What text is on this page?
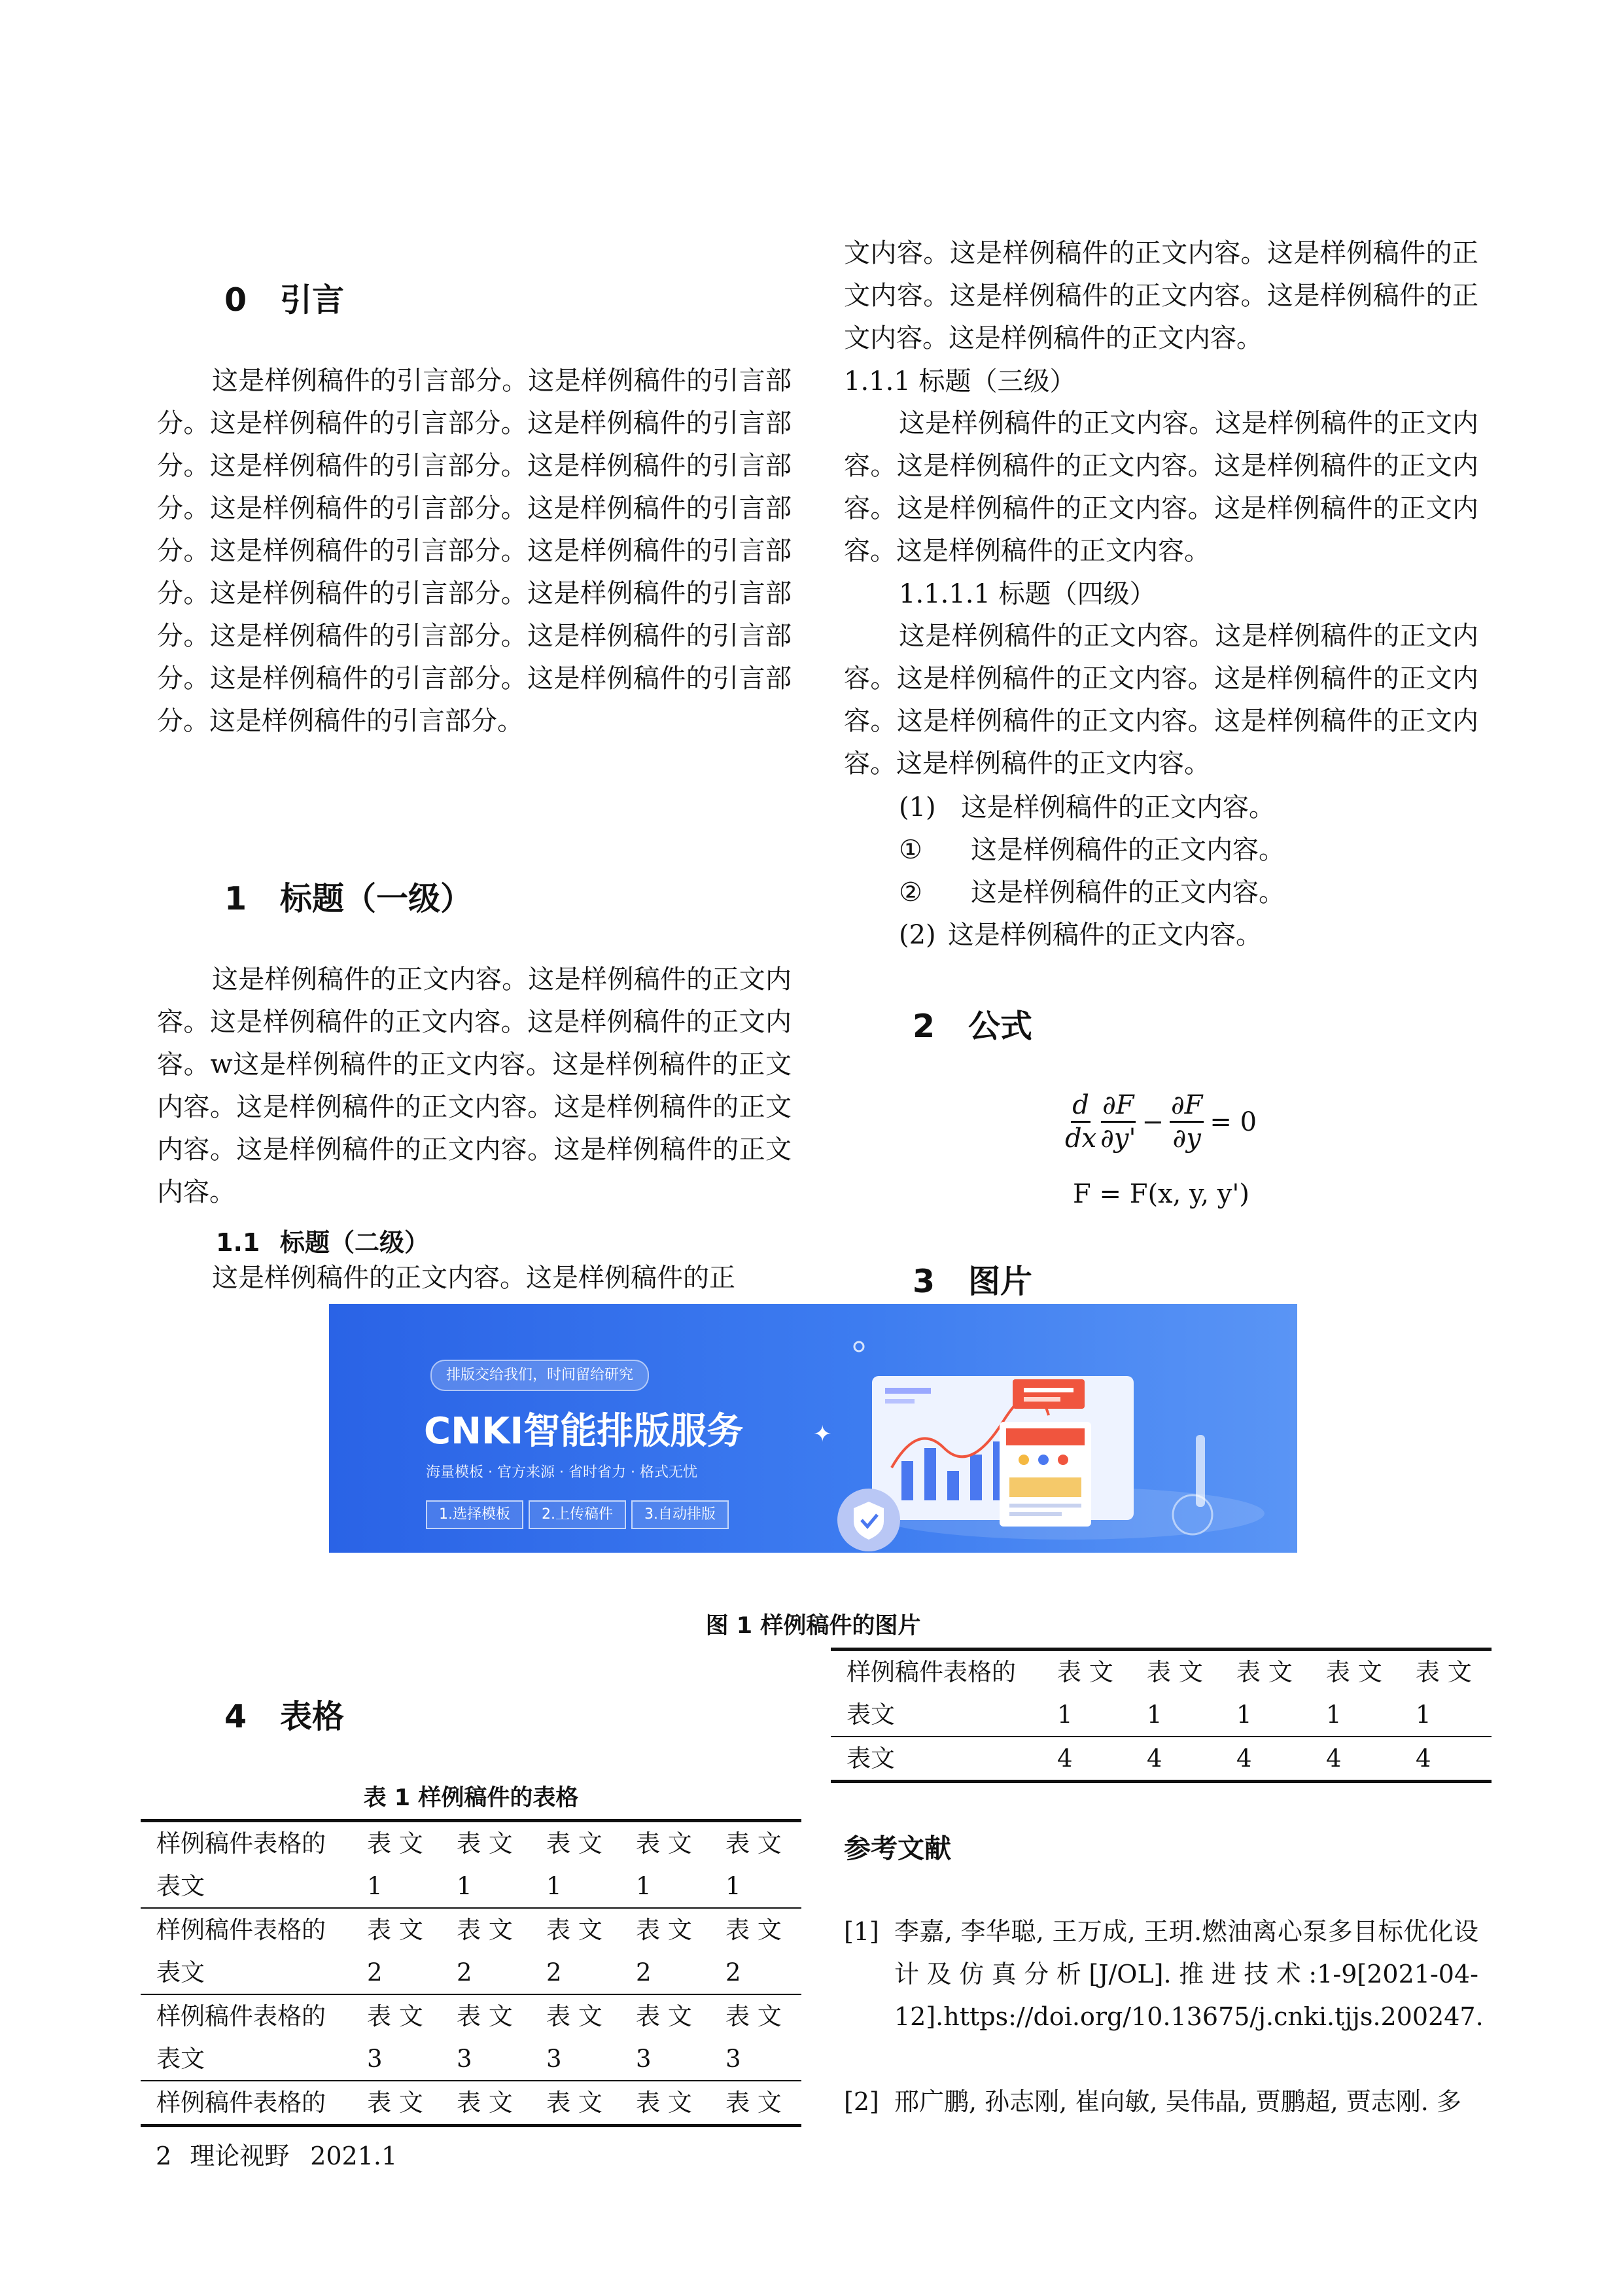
0 引言
这是样例稿件的引言部分。这是样例稿件的引言部分。这是样例稿件的引言部分。这是样例稿件的引言部分。这是样例稿件的引言部分。这是样例稿件的引言部分。这是样例稿件的引言部分。这是样例稿件的引言部分。这是样例稿件的引言部分。这是样例稿件的引言部分。这是样例稿件的引言部分。这是样例稿件的引言部分。这是样例稿件的引言部分。这是样例稿件的引言部分。这是样例稿件的引言部分。这是样例稿件的引言部分。这是样例稿件的引言部分。
1 标题（一级）
这是样例稿件的正文内容。这是样例稿件的正文内容。这是样例稿件的正文内容。这是样例稿件的正文内容。w这是样例稿件的正文内容。这是样例稿件的正文内容。这是样例稿件的正文内容。这是样例稿件的正文内容。这是样例稿件的正文内容。这是样例稿件的正文内容。
1.1 标题（二级）
这是样例稿件的正文内容。这是样例稿件的正
文内容。这是样例稿件的正文内容。这是样例稿件的正文内容。这是样例稿件的正文内容。这是样例稿件的正文内容。这是样例稿件的正文内容。
1.1.1 标题（三级）
这是样例稿件的正文内容。这是样例稿件的正文内容。这是样例稿件的正文内容。这是样例稿件的正文内容。这是样例稿件的正文内容。这是样例稿件的正文内容。这是样例稿件的正文内容。
1.1.1.1 标题（四级）
这是样例稿件的正文内容。这是样例稿件的正文内容。这是样例稿件的正文内容。这是样例稿件的正文内容。这是样例稿件的正文内容。这是样例稿件的正文内容。这是样例稿件的正文内容。
(1) 这是样例稿件的正文内容。
① 这是样例稿件的正文内容。
② 这是样例稿件的正文内容。
(2) 这是样例稿件的正文内容。
2 公式
$\frac{d}{dx} \frac{\partial F}{\partial y'} - \frac{\partial F}{\partial y} = 0$
F = F(x, y, y')
3 图片
排版交给我们，时间留给研究
CNKI智能排版服务
海量模板 · 官方来源 · 省时省力 · 格式无忧
1.选择模板	2.上传稿件	3.自动排版
✦
图 1 样例稿件的图片
4 表格
表 1 样例稿件的表格
样例稿件表格的	表 文	表 文	表 文	表 文	表 文
表文	1	1	1	1	1
样例稿件表格的	表 文	表 文	表 文	表 文	表 文
表文	2	2	2	2	2
样例稿件表格的	表 文	表 文	表 文	表 文	表 文
表文	3	3	3	3	3
样例稿件表格的	表 文	表 文	表 文	表 文	表 文
样例稿件表格的	表 文	表 文	表 文	表 文	表 文
表文	1	1	1	1	1
表文	4	4	4	4	4
参考文献
[1] 李嘉, 李华聪, 王万成, 王玥.燃油离心泵多目标优化设计及仿真分析[J/OL].推进技术:1-9[2021-04-12].https://doi.org/10.13675/j.cnki.tjjs.200247.
[2] 邢广鹏, 孙志刚, 崔向敏, 吴伟晶, 贾鹏超, 贾志刚. 多
2 理论视野 2021.1
